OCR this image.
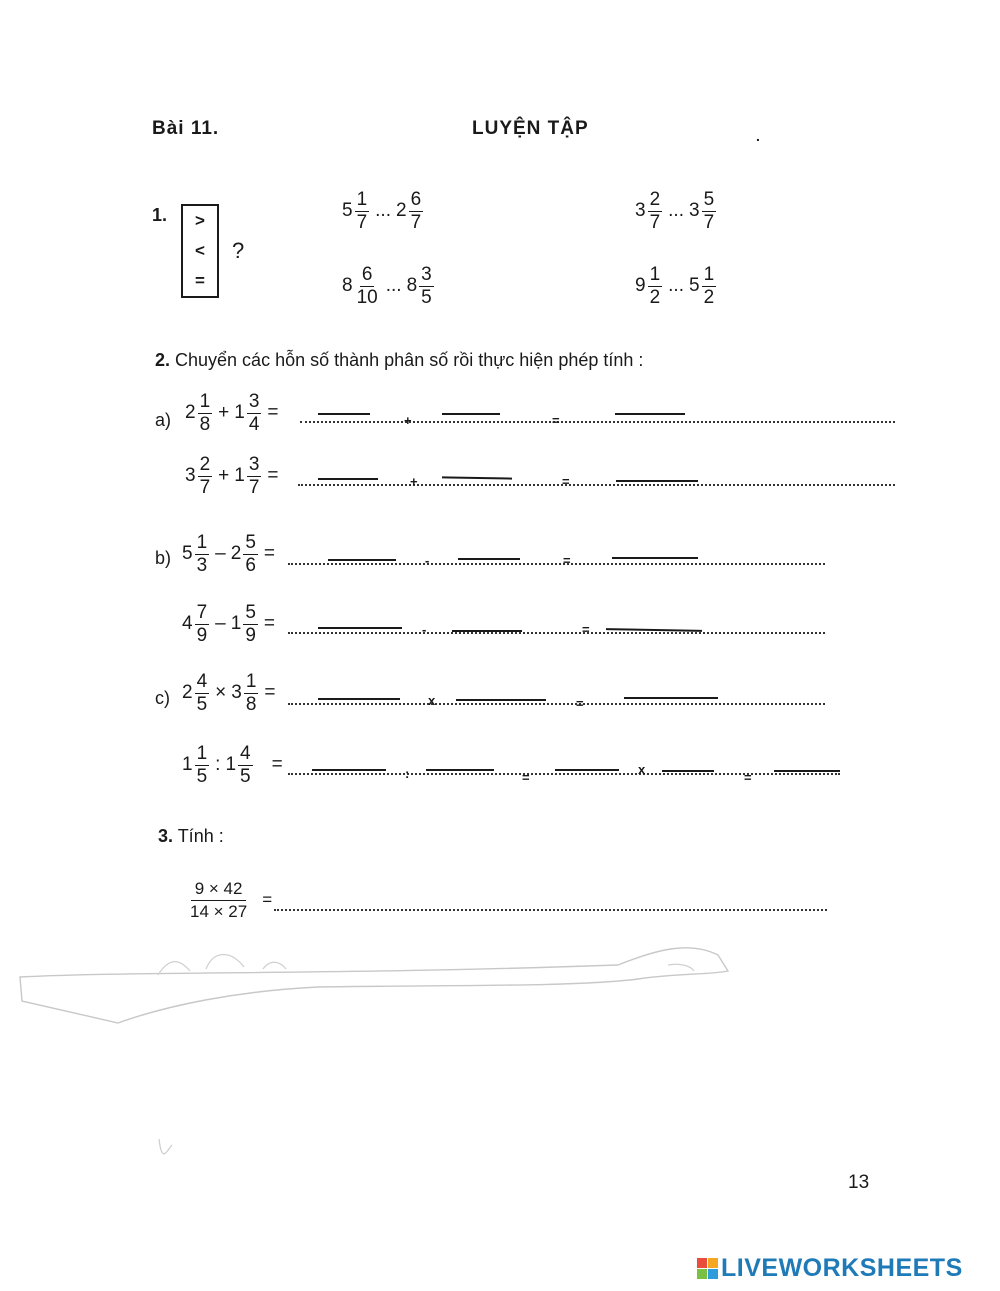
Bài 11.	LUYỆN TẬP	.
1. >
<
=
?
$5 \frac{1}{7}$ ... $2 \frac{6}{7}$	$3 \frac{2}{7}$ ... $3 \frac{5}{7}$
$8 \frac{6}{10}$ ... $8 \frac{3}{5}$	$9 \frac{1}{2}$ ... $5 \frac{1}{2}$
2. Chuyển các hỗn số thành phân số rồi thực hiện phép tính :
a)
b)
c)
$2 \frac{1}{8} + 1 \frac{3}{4}$ =
$3 \frac{2}{7} + 1 \frac{3}{7}$ =
$5 \frac{1}{3} - 2 \frac{5}{6}$ =
$4 \frac{7}{9} - 1 \frac{5}{9}$ =
$2 \frac{4}{5} \times 3 \frac{1}{8}$ =
$1 \frac{1}{5}$ : $1 \frac{4}{5}$ =
+	=
+	=
-	=
-	=
x	=
:	=
x
=
3. Tính :
$\frac{9 \times 42}{14 \times 27}$ =
13
LIVEWORKSHEETS
